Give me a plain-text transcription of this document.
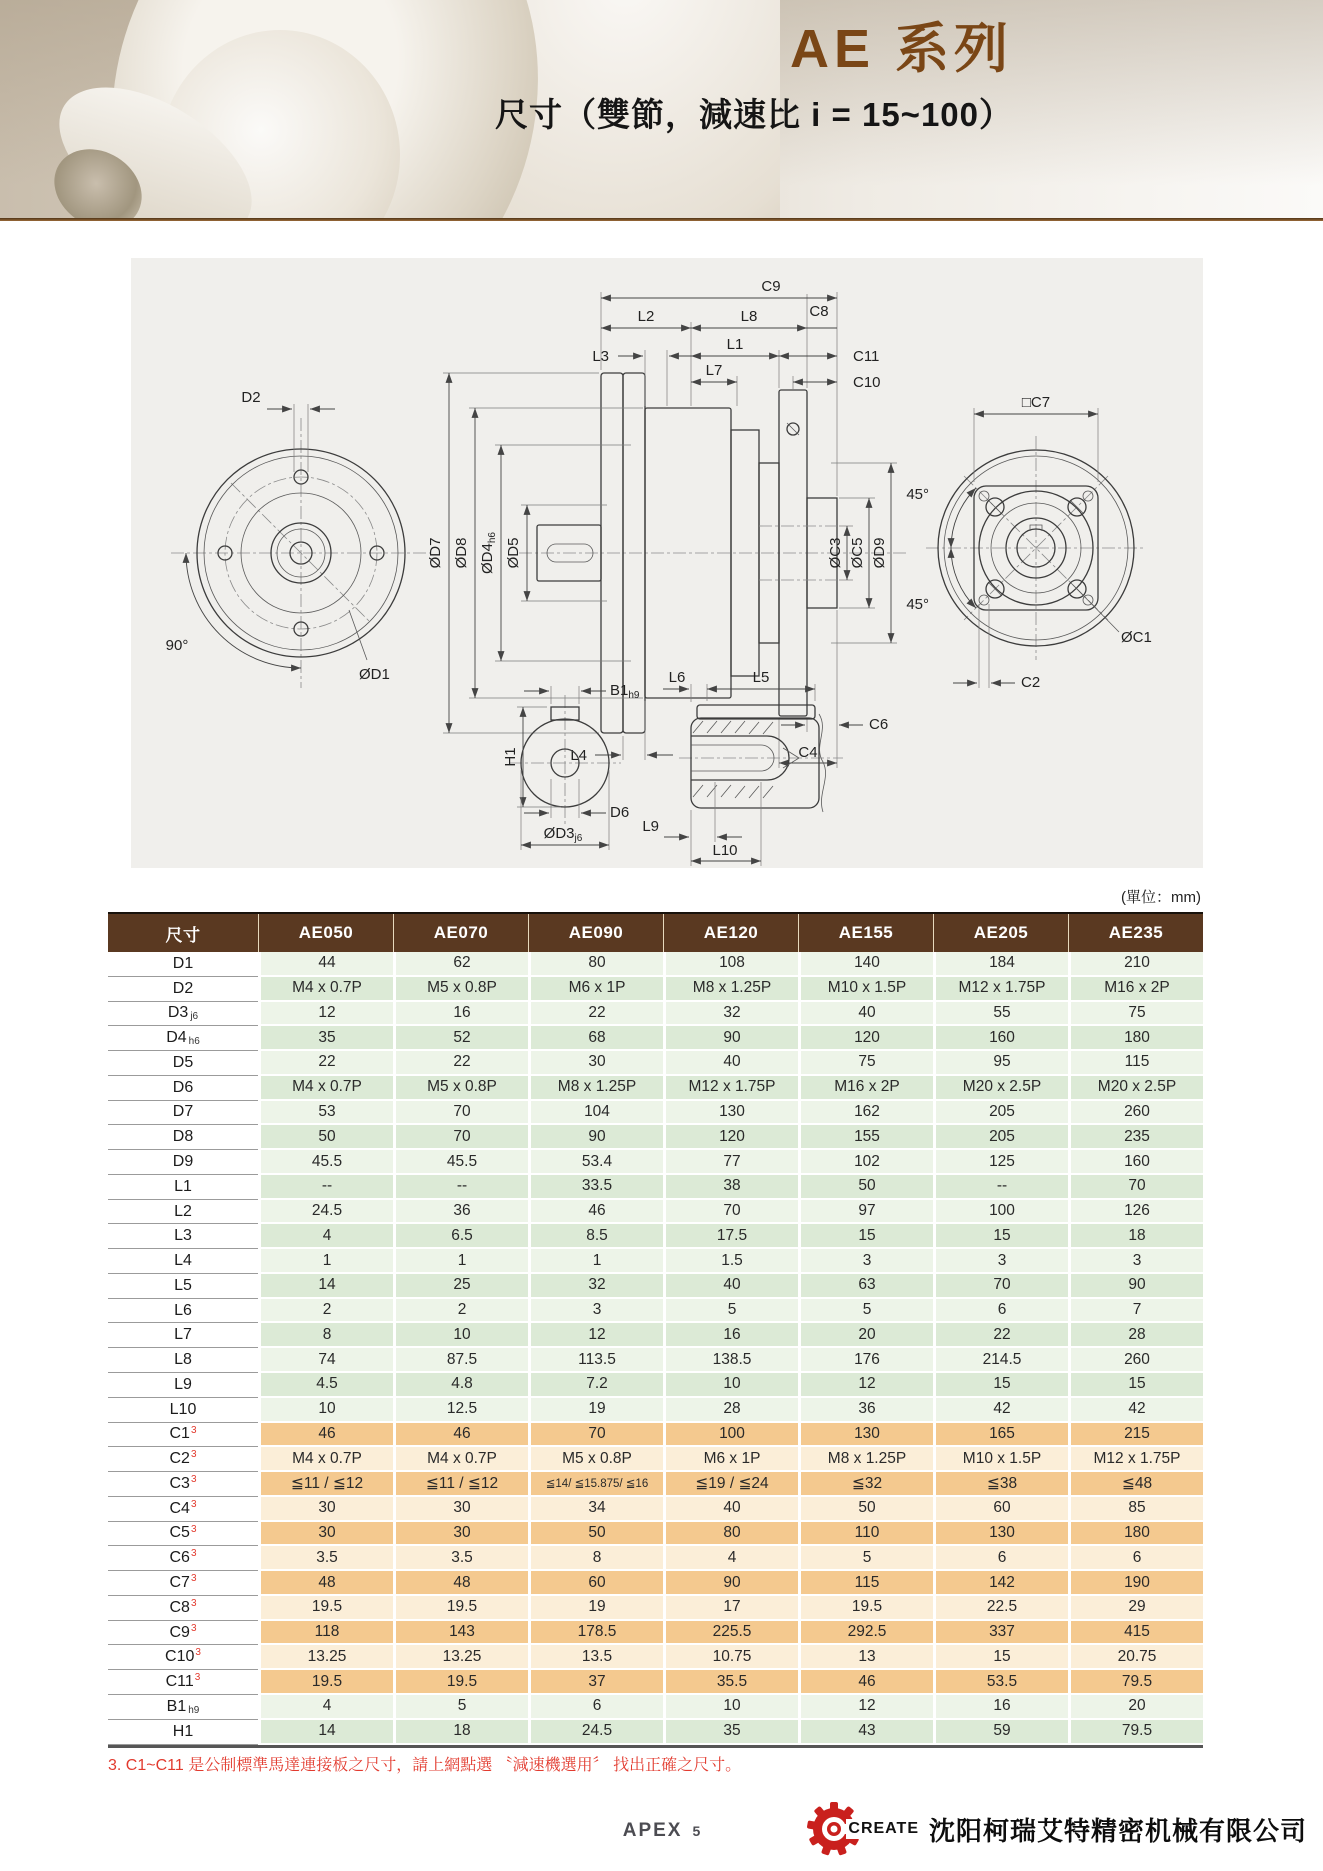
AE 系列
尺寸（雙節，減速比 i = 15~100）
D2
90°
ØD1
ØD7 ØD8 $ØD4_{h6}$ ØD5
C9
L2	L8	C8
L3
L1
C11
L7
C10
ØC3 ØC5 ØD9
L4
C6
C4
□C7
45°
45°
ØC1
C2
$B1_{h9}$
H1
D6
$ØD3_{j6}$
L6	L5
L9
L10
(單位：mm)
尺寸	AE050	AE070	AE090	AE120	AE155	AE205	AE235
D1	44	62	80	108	140	184	210
D2	M4 x 0.7P	M5 x 0.8P	M6 x 1P	M8 x 1.25P	M10 x 1.5P	M12 x 1.75P	M16 x 2P
D3 j6	12	16	22	32	40	55	75
D4 h6	35	52	68	90	120	160	180
D5	22	22	30	40	75	95	115
D6	M4 x 0.7P	M5 x 0.8P	M8 x 1.25P	M12 x 1.75P	M16 x 2P	M20 x 2.5P	M20 x 2.5P
D7	53	70	104	130	162	205	260
D8	50	70	90	120	155	205	235
D9	45.5	45.5	53.4	77	102	125	160
L1	--	--	33.5	38	50	--	70
L2	24.5	36	46	70	97	100	126
L3	4	6.5	8.5	17.5	15	15	18
L4	1	1	1	1.5	3	3	3
L5	14	25	32	40	63	70	90
L6	2	2	3	5	5	6	7
L7	8	10	12	16	20	22	28
L8	74	87.5	113.5	138.5	176	214.5	260
L9	4.5	4.8	7.2	10	12	15	15
L10	10	12.5	19	28	36	42	42
C1 3	46	46	70	100	130	165	215
C2 3	M4 x 0.7P	M4 x 0.7P	M5 x 0.8P	M6 x 1P	M8 x 1.25P	M10 x 1.5P	M12 x 1.75P
C3 3	≦11 / ≦12	≦11 / ≦12	≦14/ ≦15.875/ ≦16	≦19 / ≦24	≦32	≦38	≦48
C4 3	30	30	34	40	50	60	85
C5 3	30	30	50	80	110	130	180
C6 3	3.5	3.5	8	4	5	6	6
C7 3	48	48	60	90	115	142	190
C8 3	19.5	19.5	19	17	19.5	22.5	29
C9 3	118	143	178.5	225.5	292.5	337	415
C10 3	13.25	13.25	13.5	10.75	13	15	20.75
C11 3	19.5	19.5	37	35.5	46	53.5	79.5
B1 h9	4	5	6	10	12	16	20
H1	14	18	24.5	35	43	59	79.5
3. C1~C11 是公制標準馬達連接板之尺寸，請上網點選 〝減速機選用〞 找出正確之尺寸。
APEX 5	CREATE 沈阳柯瑞艾特精密机械有限公司
